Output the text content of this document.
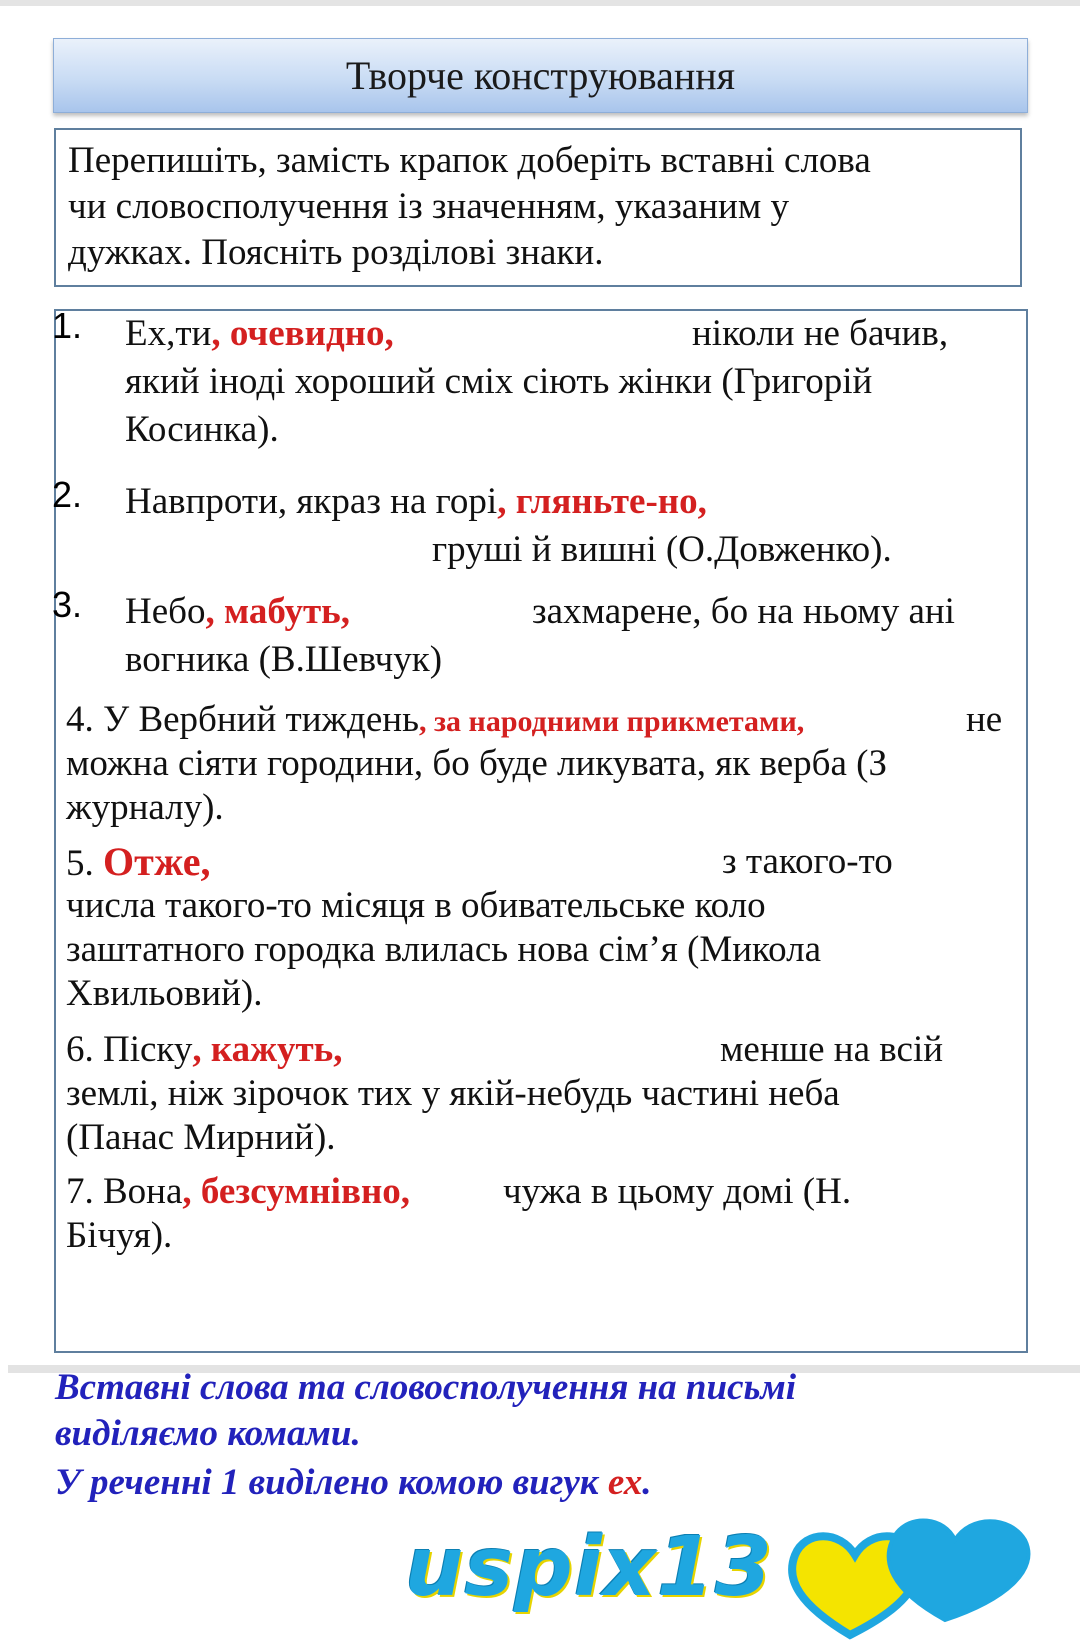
Творче конструювання
Перепишіть, замість крапок доберіть вставні слова
чи словосполучення із значенням, указаним у
дужках. Поясніть розділові знаки.
1. Ех,ти, очевидно,	ніколи не бачив,
який іноді хороший сміх сіють жінки (Григорій
Косинка).
2. Навпроти, якраз на горі, гляньте-но,
груші й вишні (О.Довженко).
3. Небо, мабуть,	захмарене, бо на ньому ані
вогника (В.Шевчук)
4. У Вербний тиждень, за народними прикметами,	не
можна сіяти городини, бо буде ликувата, як верба (З
журналу).
5. Отже,	з такого-то
числа такого-то місяця в обивательське коло
заштатного городка влилась нова сім’я (Микола
Хвильовий).
6. Піску, кажуть,	менше на всій
землі, ніж зірочок тих у якій-небудь частині неба
(Панас Мирний).
7. Вона, безсумнівно,	чужа в цьому домі (Н.
Бічуя).
Вставні слова та словосполучення на письмі
виділяємо комами.
У реченні 1 виділено комою вигук ех.
uspix13
